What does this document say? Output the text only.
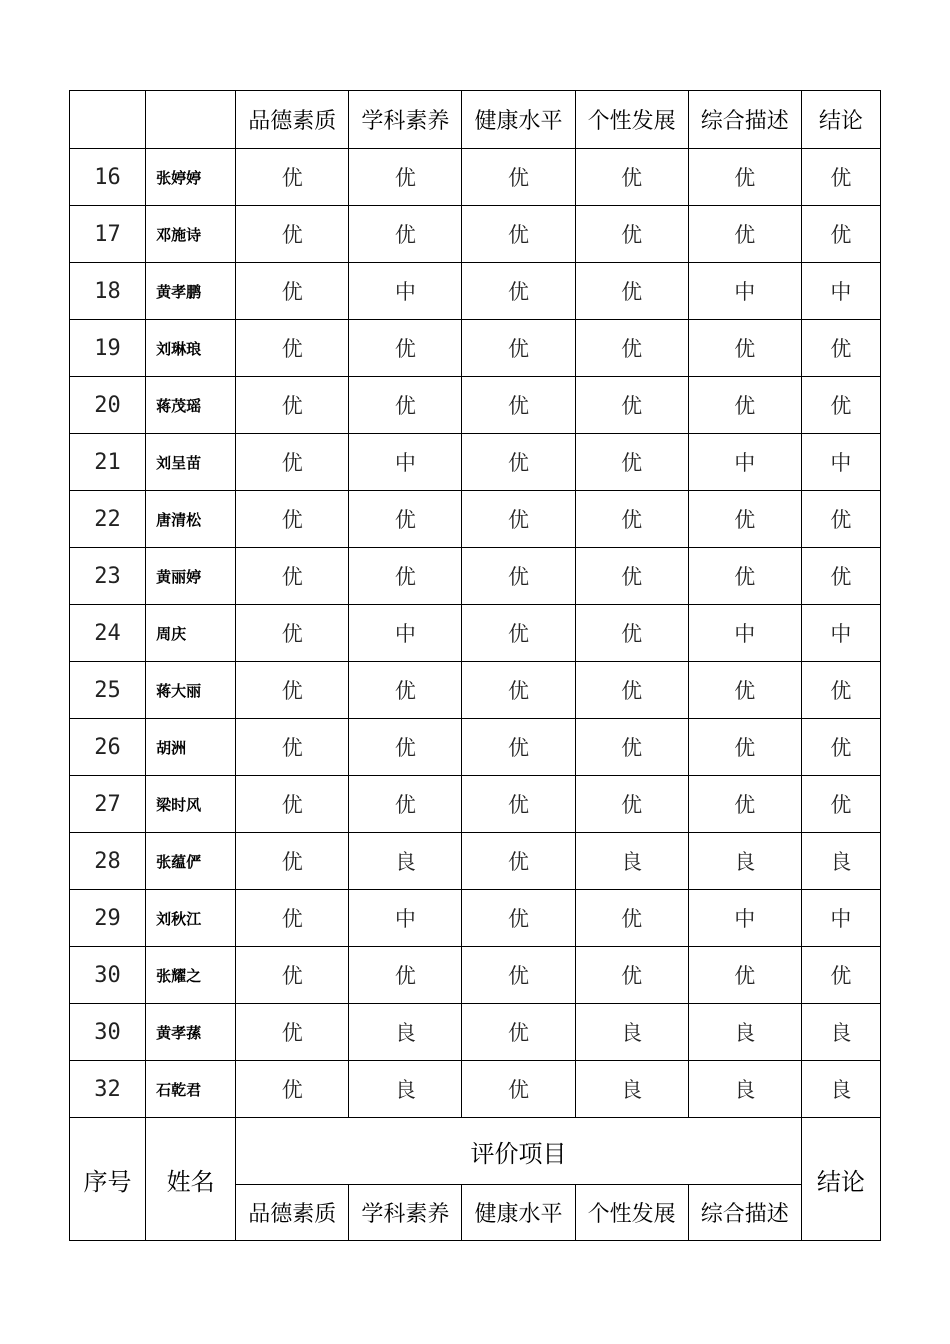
		品德素质	学科素养	健康水平	个性发展	综合描述	结论
16	张婷婷	优	优	优	优	优	优
17	邓施诗	优	优	优	优	优	优
18	黄孝鹏	优	中	优	优	中	中
19	刘琳琅	优	优	优	优	优	优
20	蒋茂瑶	优	优	优	优	优	优
21	刘呈苗	优	中	优	优	中	中
22	唐清松	优	优	优	优	优	优
23	黄丽婷	优	优	优	优	优	优
24	周庆	优	中	优	优	中	中
25	蒋大丽	优	优	优	优	优	优
26	胡洲	优	优	优	优	优	优
27	梁时风	优	优	优	优	优	优
28	张蕴俨	优	良	优	良	良	良
29	刘秋江	优	中	优	优	中	中
30	张耀之	优	优	优	优	优	优
30	黄孝蓀	优	良	优	良	良	良
32	石乾君	优	良	优	良	良	良
序号	姓名	评价项目					结论
		品德素质	学科素养	健康水平	个性发展	综合描述	
